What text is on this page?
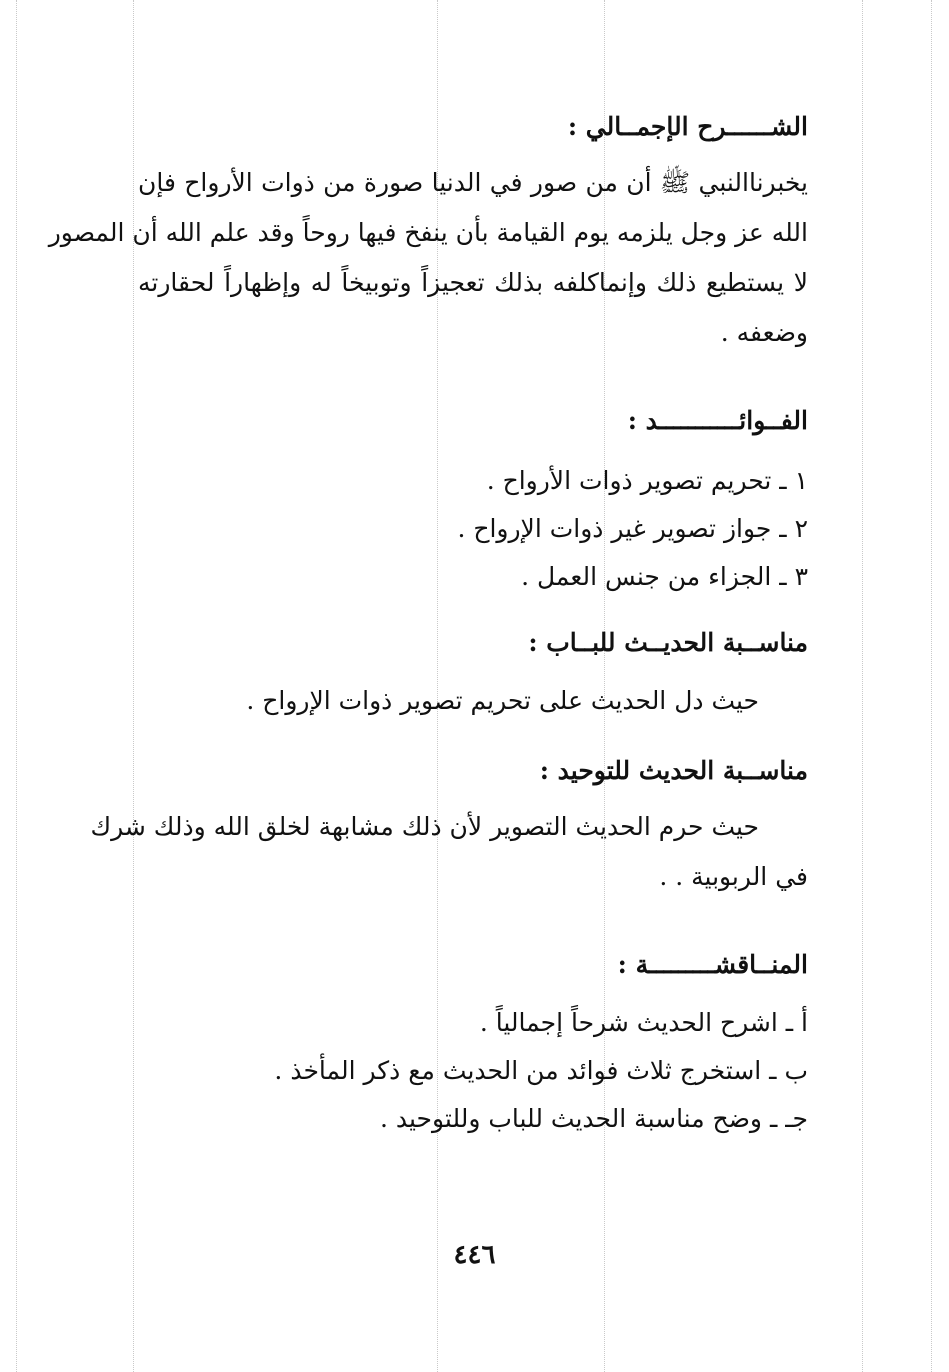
الشــــــرح الإجمــالي :
يخبرناالنبي ﷺ أن من صور في الدنيا صورة من ذوات الأرواح فإن
الله عز وجل يلزمه يوم القيامة بأن ينفخ فيها روحاً وقد علم الله أن المصور
لا يستطيع ذلك وإنماكلفه بذلك تعجيزاً وتوبيخاً له وإظهاراً لحقارته
وضعفه .
الفــوائـــــــــــد :
١ ـ تحريم تصوير ذوات الأرواح .
٢ ـ جواز تصوير غير ذوات الإرواح .
٣ ـ الجزاء من جنس العمل .
مناســبة الحديــث للبــاب :
حيث دل الحديث على تحريم تصوير ذوات الإرواح .
مناســبة الحديث للتوحيد :
حيث حرم الحديث التصوير لأن ذلك مشابهة لخلق الله وذلك شرك
في الربوبية . .
المنــاقشـــــــــة :
أ ـ اشرح الحديث شرحاً إجمالياً .
ب ـ استخرج ثلاث فوائد من الحديث مع ذكر المأخذ .
جـ ـ وضح مناسبة الحديث للباب وللتوحيد .
٤٤٦
